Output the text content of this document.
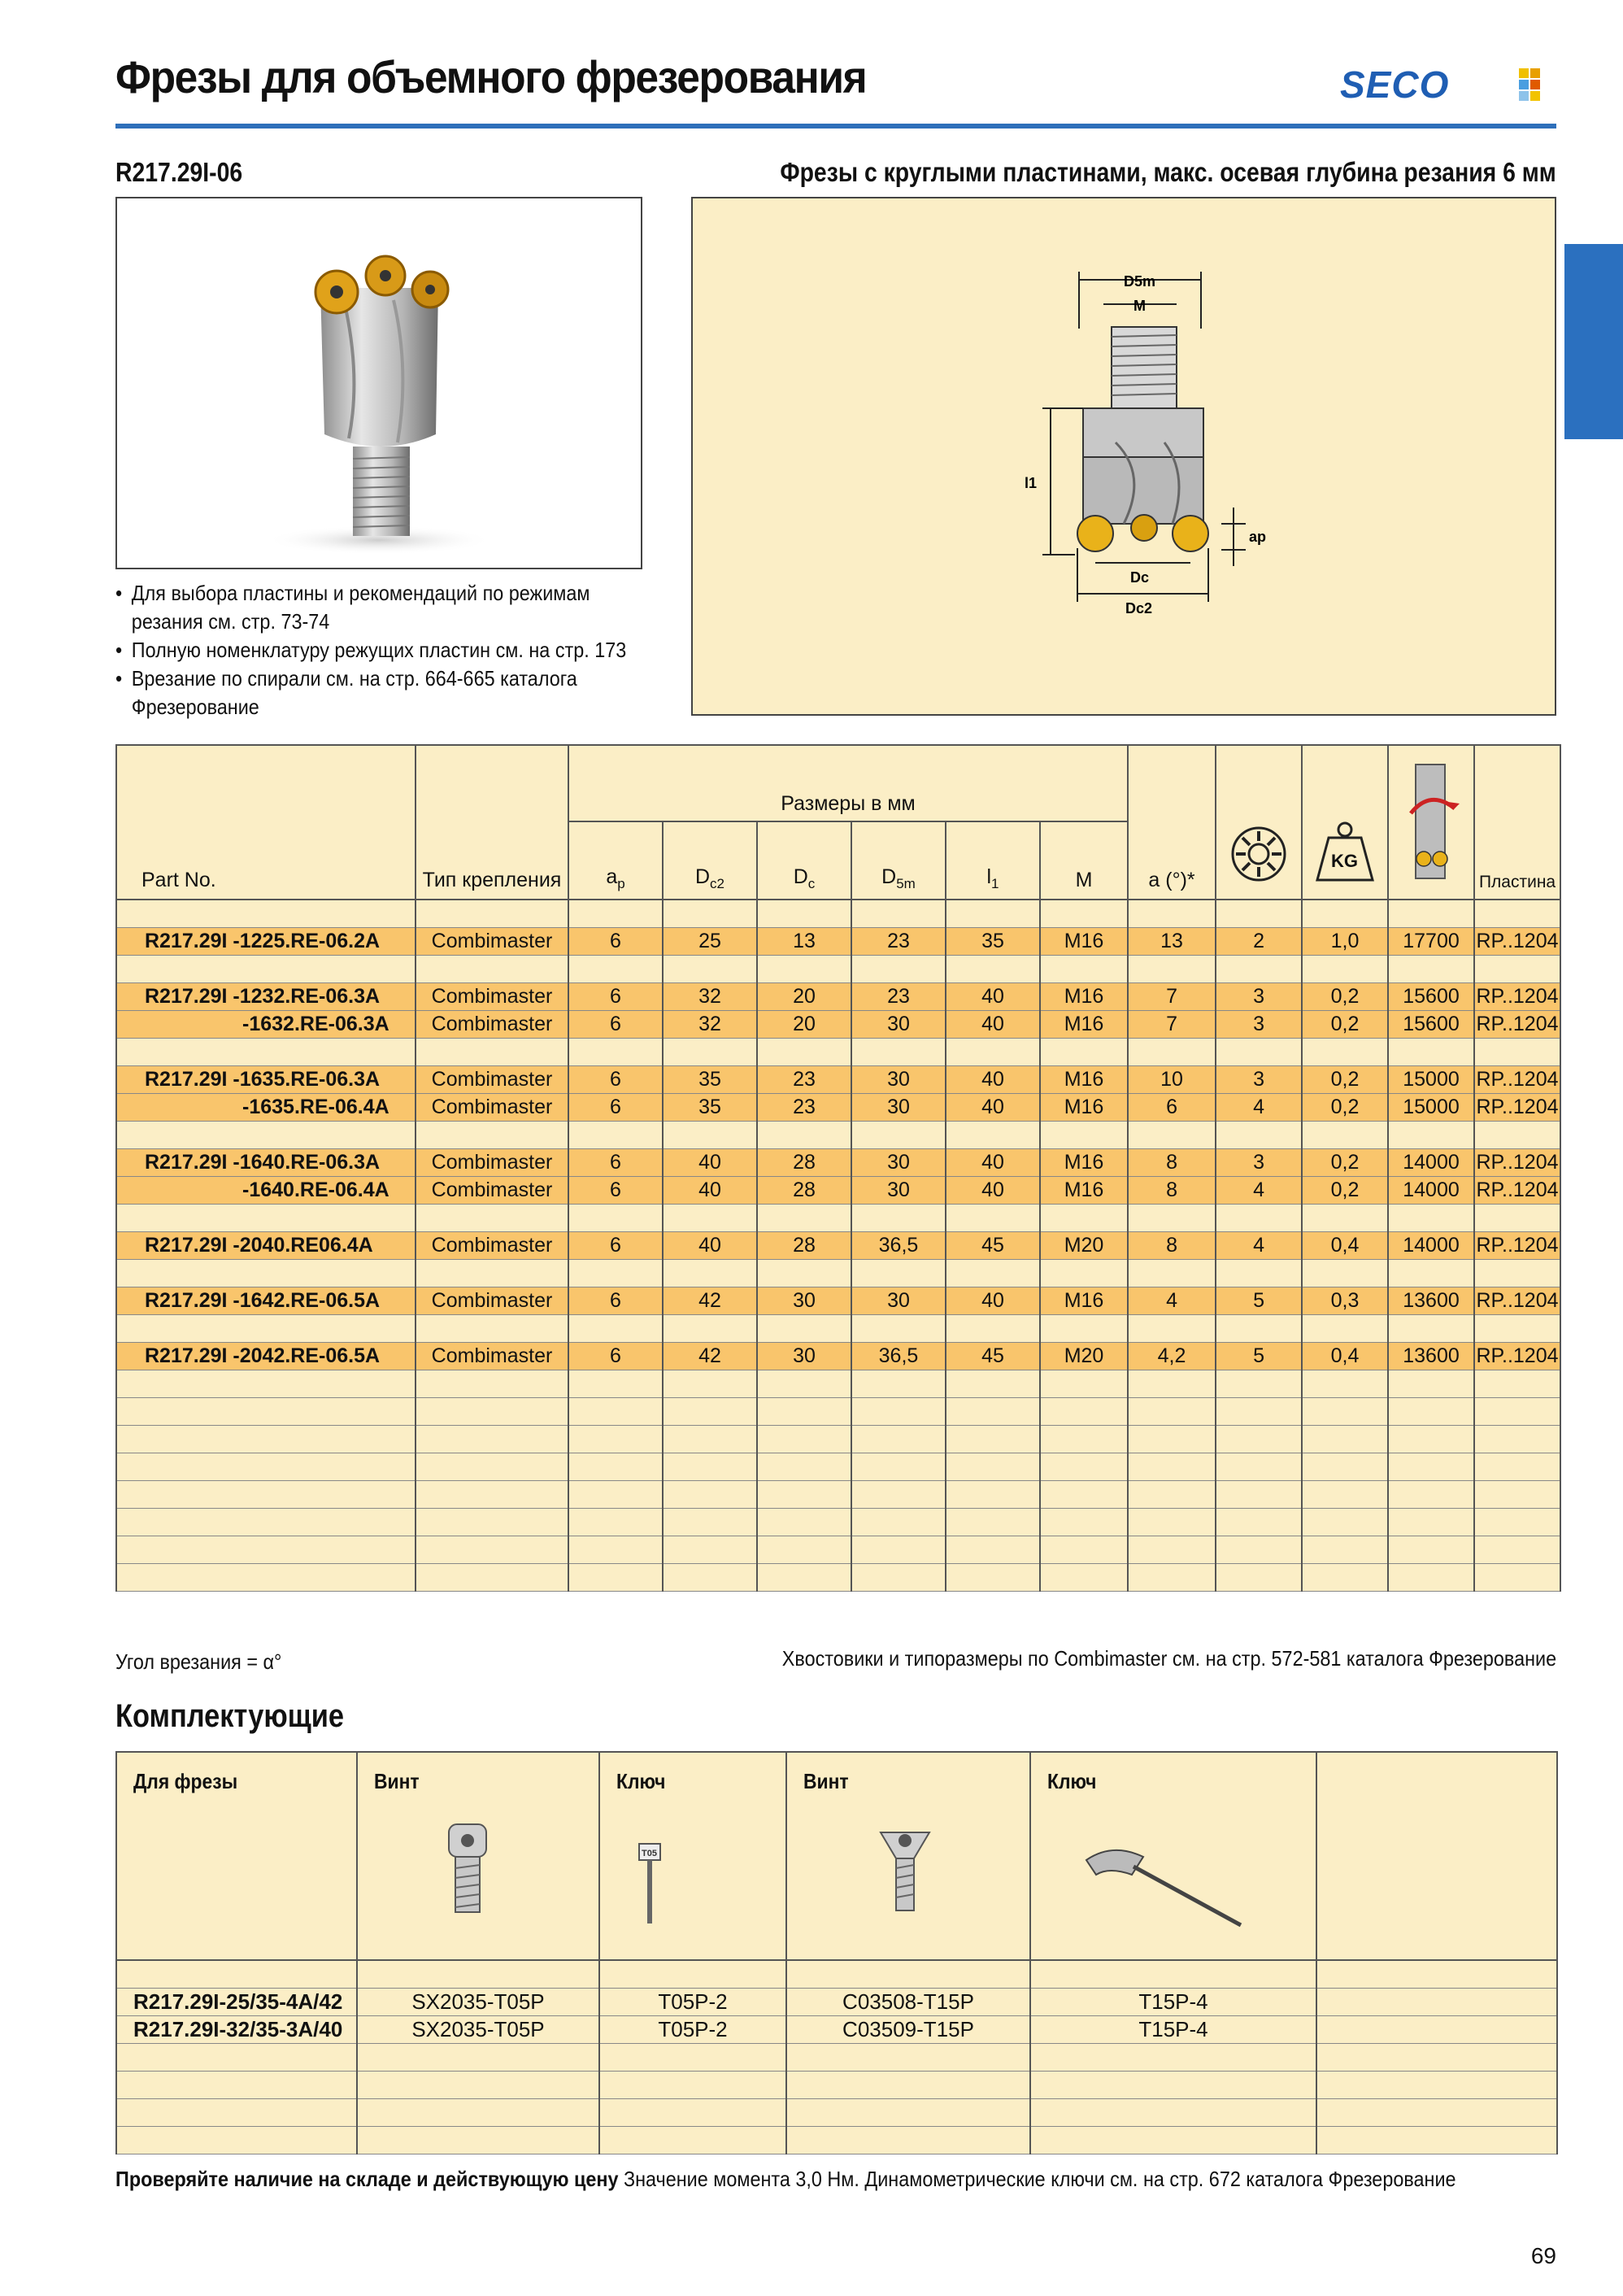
Фрезы для объемного фрезерования	SECO
R217.29I-06	Фрезы с круглыми пластинами, макс. осевая глубина резания 6 мм
D5m
M
l1
ap
Dc
Dc2
• Для выбора пластины и рекомендаций по режимам
резания см. стр. 73-74
• Полную номенклатуру режущих пластин см. на стр. 173
• Врезание по спирали см. на стр. 664-665 каталога
Фрезерование
Part No.	Тип крепления	Размеры в мм						a (°)*		KG		Пластина
		$a_p$	$D_{c2}$	$D_c$	$D_{5m}$	$l_1$	M					

R217.29I -1225.RE-06.2A	Combimaster	6	25	13	23	35	M16	13	2	1,0	17700	RP..1204

R217.29I -1232.RE-06.3A	Combimaster	6	32	20	23	40	M16	7	3	0,2	15600	RP..1204
-1632.RE-06.3A	Combimaster	6	32	20	30	40	M16	7	3	0,2	15600	RP..1204

R217.29I -1635.RE-06.3A	Combimaster	6	35	23	30	40	M16	10	3	0,2	15000	RP..1204
-1635.RE-06.4A	Combimaster	6	35	23	30	40	M16	6	4	0,2	15000	RP..1204

R217.29I -1640.RE-06.3A	Combimaster	6	40	28	30	40	M16	8	3	0,2	14000	RP..1204
-1640.RE-06.4A	Combimaster	6	40	28	30	40	M16	8	4	0,2	14000	RP..1204

R217.29I -2040.RE06.4A	Combimaster	6	40	28	36,5	45	M20	8	4	0,4	14000	RP..1204

R217.29I -1642.RE-06.5A	Combimaster	6	42	30	30	40	M16	4	5	0,3	13600	RP..1204

R217.29I -2042.RE-06.5A	Combimaster	6	42	30	36,5	45	M20	4,2	5	0,4	13600	RP..1204

Угол врезания = α°	Хвостовики и типоразмеры по Combimaster см. на стр. 572-581 каталога Фрезерование
Комплектующие
Для фрезы	Винт	Ключ
T05	Винт	Ключ	

R217.29I-25/35-4A/42	SX2035-T05P	T05P-2	C03508-T15P	T15P-4	
R217.29I-32/35-3A/40	SX2035-T05P	T05P-2	C03509-T15P	T15P-4	

Проверяйте наличие на складе и действующую цену Значение момента 3,0 Нм. Динамометрические ключи см. на стр. 672 каталога Фрезерование
69
